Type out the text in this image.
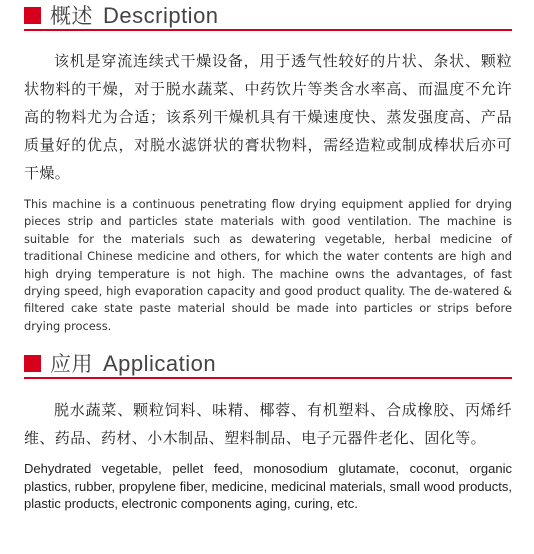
概述 Description

该机是穿流连续式干燥设备，用于透气性较好的片状、条状、颗粒状物料的干燥，对于脱水蔬菜、中药饮片等类含水率高、而温度不允许高的物料尤为合适；该系列干燥机具有干燥速度快、蒸发强度高、产品质量好的优点，对脱水滤饼状的膏状物料，需经造粒或制成棒状后亦可干燥。

This machine is a continuous penetrating flow drying equipment applied for drying pieces strip and particles state materials with good ventilation. The machine is suitable for the materials such as dewatering vegetable, herbal medicine of traditional Chinese medicine and others, for which the water contents are high and high drying temperature is not high. The machine owns the advantages, of fast drying speed, high evaporation capacity and good product quality. The de-watered & filtered cake state paste material should be made into particles or strips before drying process.

应用 Application

脱水蔬菜、颗粒饲料、味精、椰蓉、有机塑料、合成橡胶、丙烯纤维、药品、药材、小木制品、塑料制品、电子元器件老化、固化等。

Dehydrated vegetable, pellet feed, monosodium glutamate, coconut, organic plastics, rubber, propylene fiber, medicine, medicinal materials, small wood products, plastic products, electronic components aging, curing, etc.
